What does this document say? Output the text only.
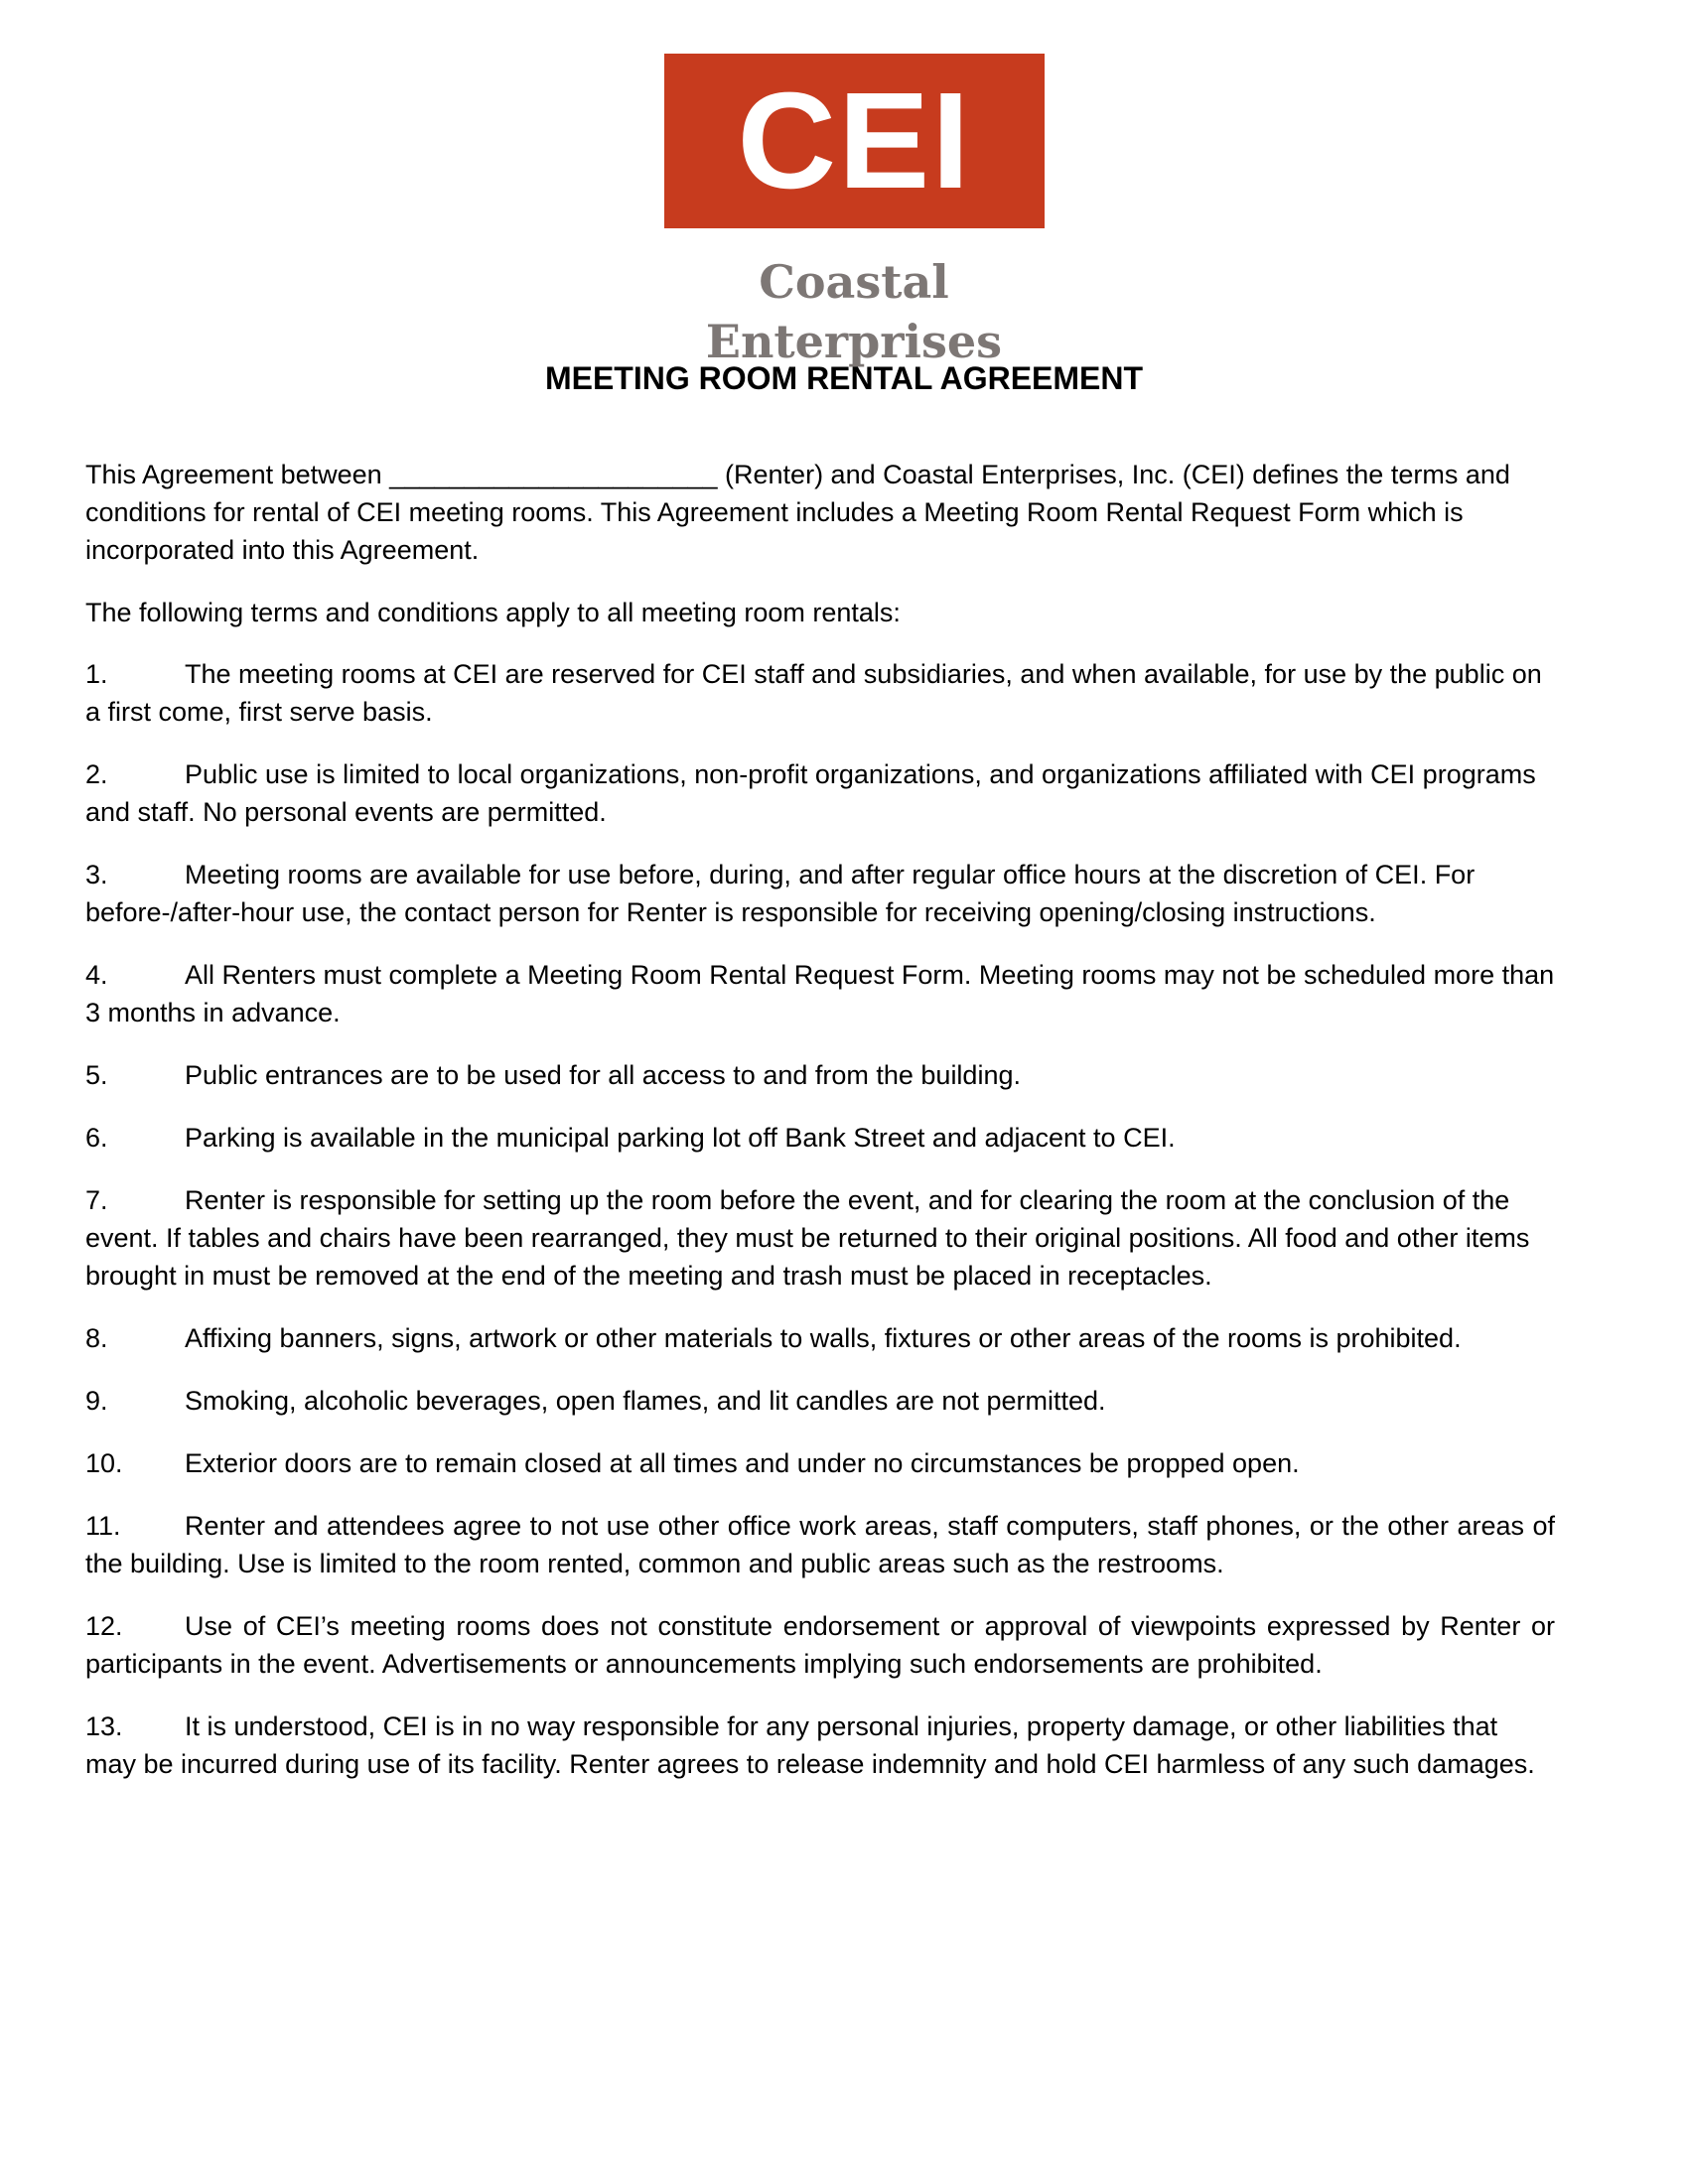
CEI
Coastal Enterprises
MEETING ROOM RENTAL AGREEMENT

This Agreement between ______________________ (Renter) and Coastal Enterprises, Inc. (CEI) defines the terms and conditions for rental of CEI meeting rooms. This Agreement includes a Meeting Room Rental Request Form which is incorporated into this Agreement.

The following terms and conditions apply to all meeting room rentals:

1.	The meeting rooms at CEI are reserved for CEI staff and subsidiaries, and when available, for use by the public on a first come, first serve basis.

2.	Public use is limited to local organizations, non-profit organizations, and organizations affiliated with CEI programs and staff. No personal events are permitted.

3.	Meeting rooms are available for use before, during, and after regular office hours at the discretion of CEI. For before-/after-hour use, the contact person for Renter is responsible for receiving opening/closing instructions.

4.	All Renters must complete a Meeting Room Rental Request Form. Meeting rooms may not be scheduled more than 3 months in advance.

5.	Public entrances are to be used for all access to and from the building.

6.	Parking is available in the municipal parking lot off Bank Street and adjacent to CEI.

7.	Renter is responsible for setting up the room before the event, and for clearing the room at the conclusion of the event. If tables and chairs have been rearranged, they must be returned to their original positions. All food and other items brought in must be removed at the end of the meeting and trash must be placed in receptacles.

8.	Affixing banners, signs, artwork or other materials to walls, fixtures or other areas of the rooms is prohibited.

9.	Smoking, alcoholic beverages, open flames, and lit candles are not permitted.

10. Exterior doors are to remain closed at all times and under no circumstances be propped open.

11. Renter and attendees agree to not use other office work areas, staff computers, staff phones, or the other areas of the building. Use is limited to the room rented, common and public areas such as the restrooms.

12. Use of CEI’s meeting rooms does not constitute endorsement or approval of viewpoints expressed by Renter or participants in the event. Advertisements or announcements implying such endorsements are prohibited.

13. It is understood, CEI is in no way responsible for any personal injuries, property damage, or other liabilities that may be incurred during use of its facility. Renter agrees to release indemnity and hold CEI harmless of any such damages.
